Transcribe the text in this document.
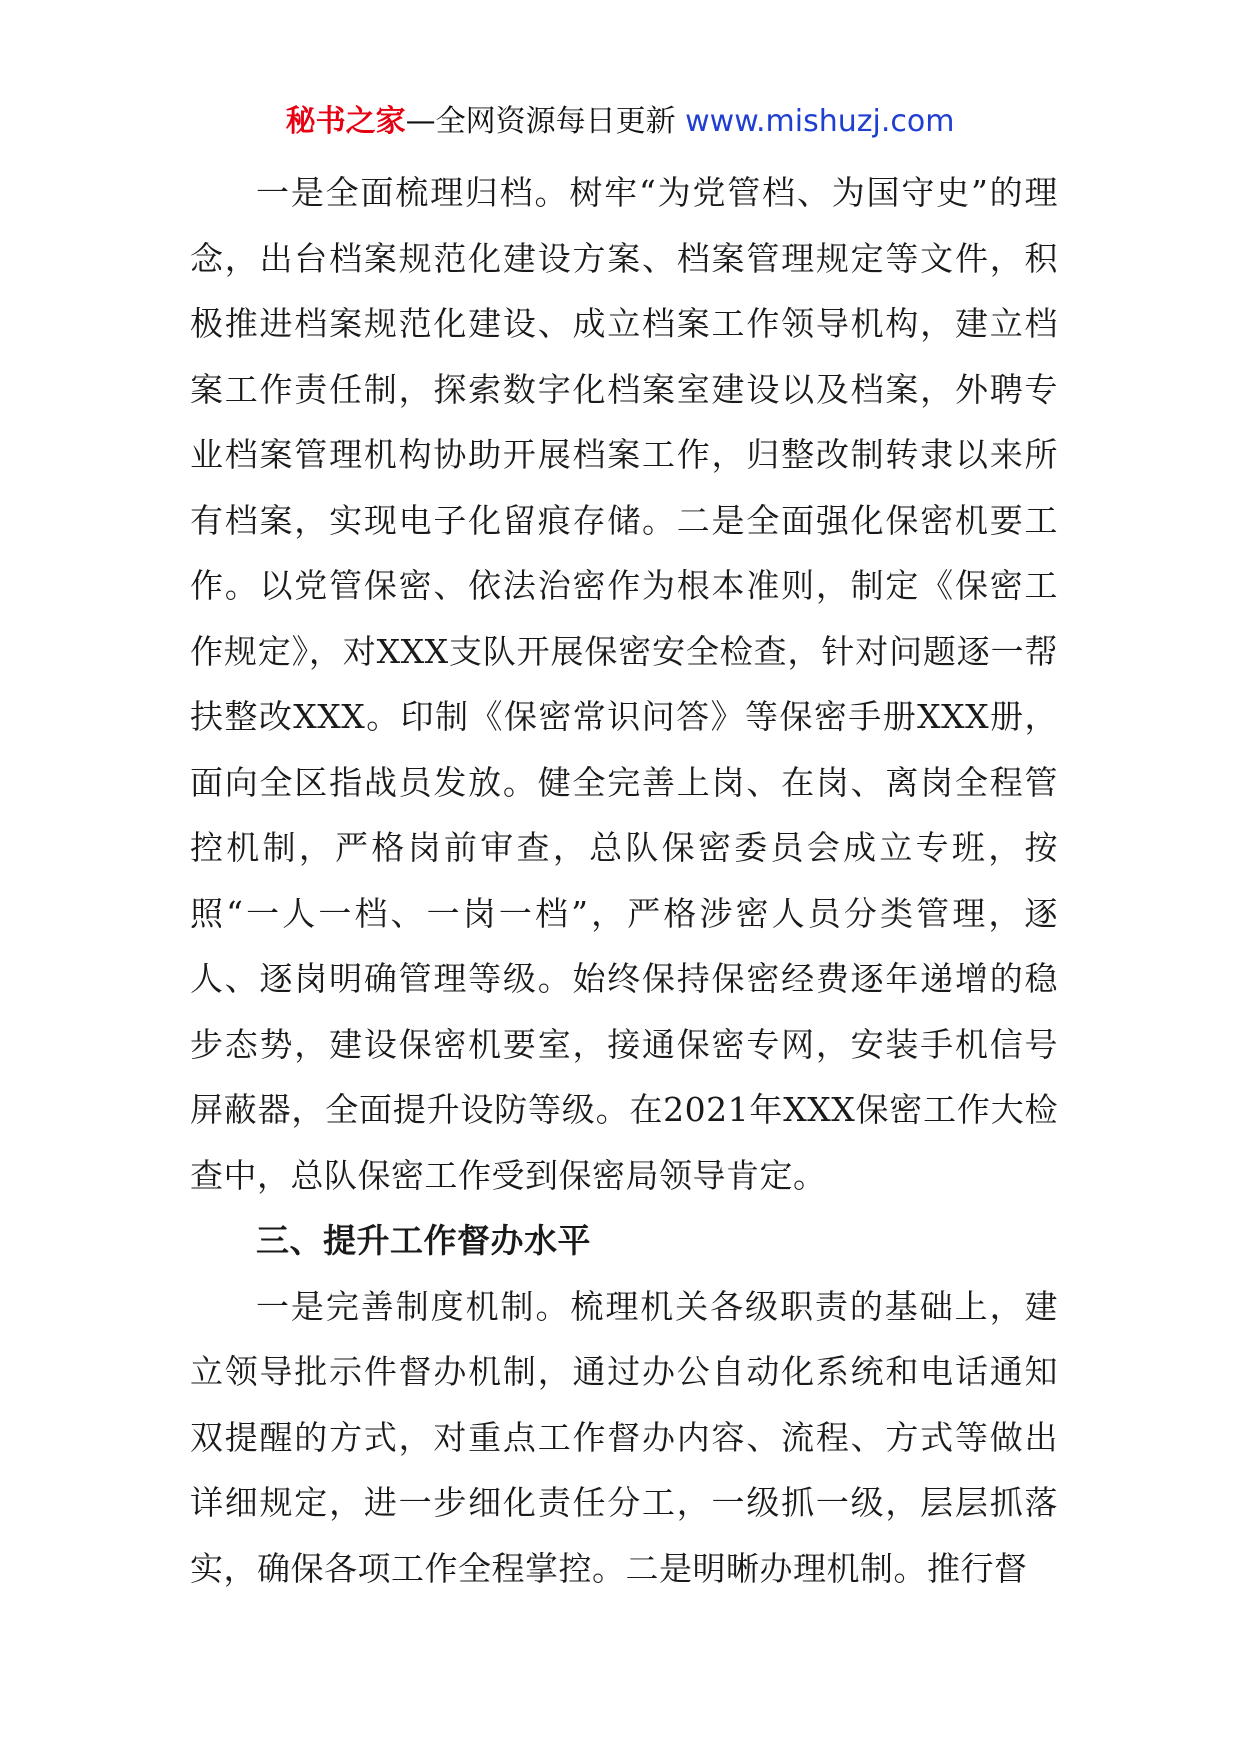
秘书之家—全网资源每日更新 www.mishuzj.com

一是全面梳理归档。树牢“为党管档、为国守史”的理念，出台档案规范化建设方案、档案管理规定等文件，积极推进档案规范化建设、成立档案工作领导机构，建立档案工作责任制，探索数字化档案室建设以及档案，外聘专业档案管理机构协助开展档案工作，归整改制转隶以来所有档案，实现电子化留痕存储。二是全面强化保密机要工作。以党管保密、依法治密作为根本准则，制定《保密工作规定》，对XXX支队开展保密安全检查，针对问题逐一帮扶整改XXX。印制《保密常识问答》等保密手册XXX册，面向全区指战员发放。健全完善上岗、在岗、离岗全程管控机制，严格岗前审查，总队保密委员会成立专班，按照“一人一档、一岗一档”，严格涉密人员分类管理，逐人、逐岗明确管理等级。始终保持保密经费逐年递增的稳步态势，建设保密机要室，接通保密专网，安装手机信号屏蔽器，全面提升设防等级。在2021年XXX保密工作大检查中，总队保密工作受到保密局领导肯定。

三、提升工作督办水平

一是完善制度机制。梳理机关各级职责的基础上，建立领导批示件督办机制，通过办公自动化系统和电话通知双提醒的方式，对重点工作督办内容、流程、方式等做出详细规定，进一步细化责任分工，一级抓一级，层层抓落实，确保各项工作全程掌控。二是明晰办理机制。推行督
